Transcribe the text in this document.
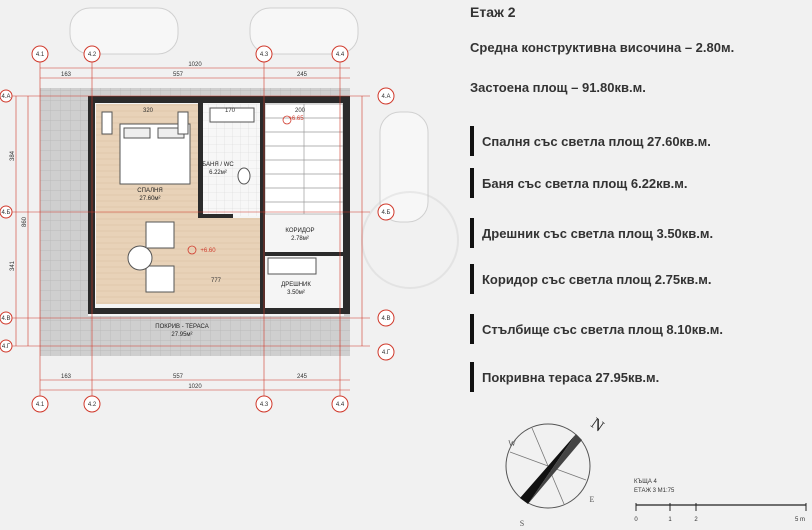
4.1	4.2	4.3	4.4
4.1	4.2	4.3	4.4
4.A
4.Б
4.B
4.Г
4.A
4.Б
4.B
4.Г
1020
163	557	245
163	557	245
1020
320	170	200
777
384
341
860
СПАЛНЯ
27.60м²
БАНЯ / WC
6.22м²
КОРИДОР
2.78м²
ДРЕШНИК
3.50м²
ПОКРИВ - ТЕРАСА
27.95м²
+6.60
+6.65
Етаж 2
Средна конструктивна височина – 2.80м.
Застоена площ – 91.80кв.м.
Спалня със светла площ 27.60кв.м.
Баня със светла площ 6.22кв.м.
Дрешник със светла площ 3.50кв.м.
Коридор със светла площ 2.75кв.м.
Стълбище със светла площ 8.10кв.м.
Покривна тераса 27.95кв.м.
N
E
S
W
КЪЩА 4
ЕТАЖ 3 М1:75
0	1	2	5 m
